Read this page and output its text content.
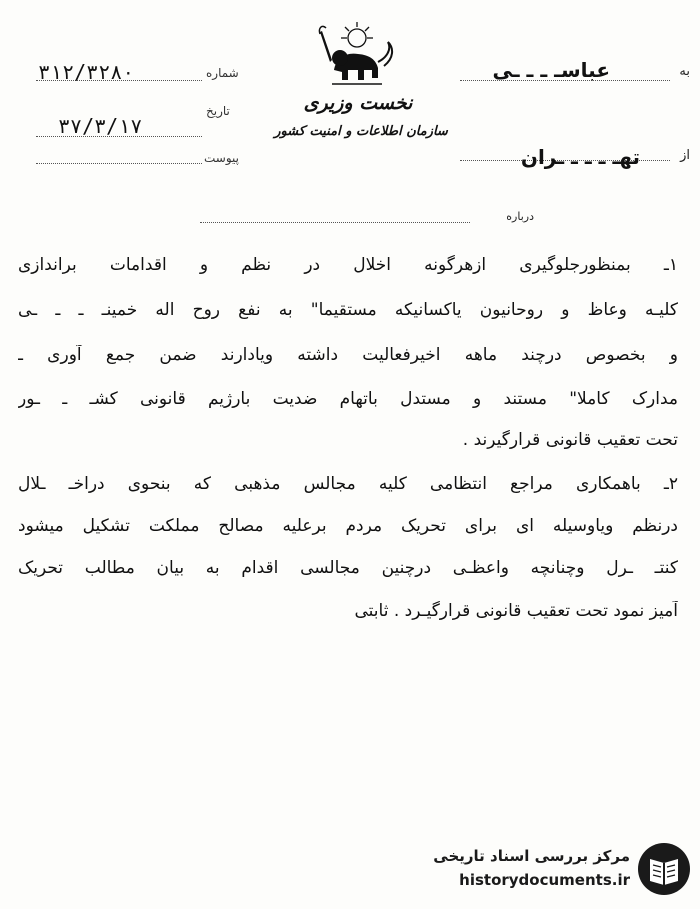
به
عباسـ ـ ـ ـی
از
تهـ ـ ـ ـ ـران
درباره
شماره
۳۱۲/۳۲۸۰
تاریخ
۳۷/۳/۱۷
پیوست
نخست وزیری
سازمان اطلاعات و امنیت کشور
۱ـ بمنظورجلوگیری ازهرگونه اخلال در نظم و اقدامات براندازی
کلیـه وعاظ و روحانیون یاکسانیکه مستقیما" به نفع روح اله خمینـ ـ ـ ـی
و بخصوص درچند ماهه اخیرفعالیت داشته ویادارند ضمن جمع آوری ـ
مدارک کاملا" مستند و مستدل باتهام ضدیت بارژیم قانونی کشـ ـ ـور
تحت تعقیب قانونی قرارگیرند .
۲ـ باهمکاری مراجع انتظامی کلیه مجالس مذهبی که بنحوی دراخـ ـلال
درنظم ویاوسیله ای برای تحریک مردم برعلیه مصالح مملکت تشکیل میشود
کنتـ ـرل وچنانچه واعظـی درچنین مجالسی اقدام به بیان مطالب تحریک
آمیز نمود تحت تعقیب قانونی قرارگیـرد . ثابتی
مرکز بررسی اسناد تاریخی
historydocuments.ir
